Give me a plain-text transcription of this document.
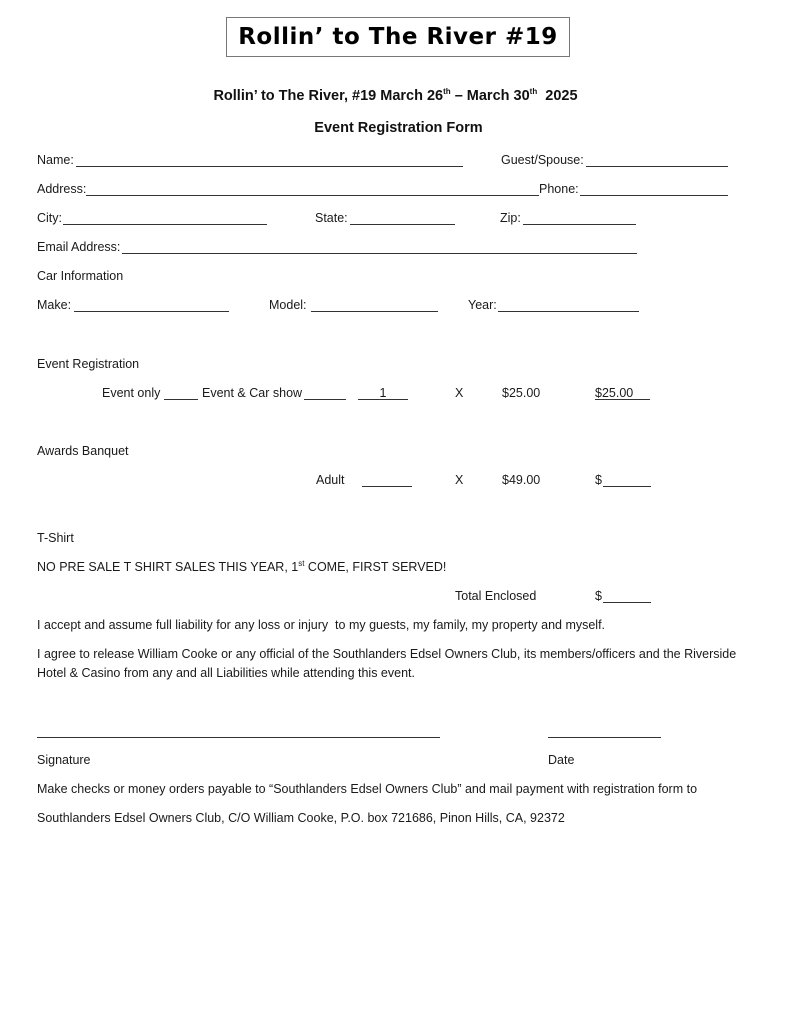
Rollin’ to The River #19
Rollin’ to The River, #19 March 26th – March 30th  2025
Event Registration Form
Name:	Guest/Spouse:
Address:	Phone:
City:	State:	Zip:
Email Address:
Car Information
Make:	Model:	Year:
Event Registration
Event only	Event & Car show	1	X	$25.00	$25.00
Awards Banquet
Adult	X	$49.00	$
T-Shirt
NO PRE SALE T SHIRT SALES THIS YEAR, 1st COME, FIRST SERVED!
Total Enclosed	$
I accept and assume full liability for any loss or injury  to my guests, my family, my property and myself.
I agree to release William Cooke or any official of the Southlanders Edsel Owners Club, its members/officers and the Riverside
Hotel & Casino from any and all Liabilities while attending this event.
Signature	Date
Make checks or money orders payable to “Southlanders Edsel Owners Club” and mail payment with registration form to
Southlanders Edsel Owners Club, C/O William Cooke, P.O. box 721686, Pinon Hills, CA, 92372
